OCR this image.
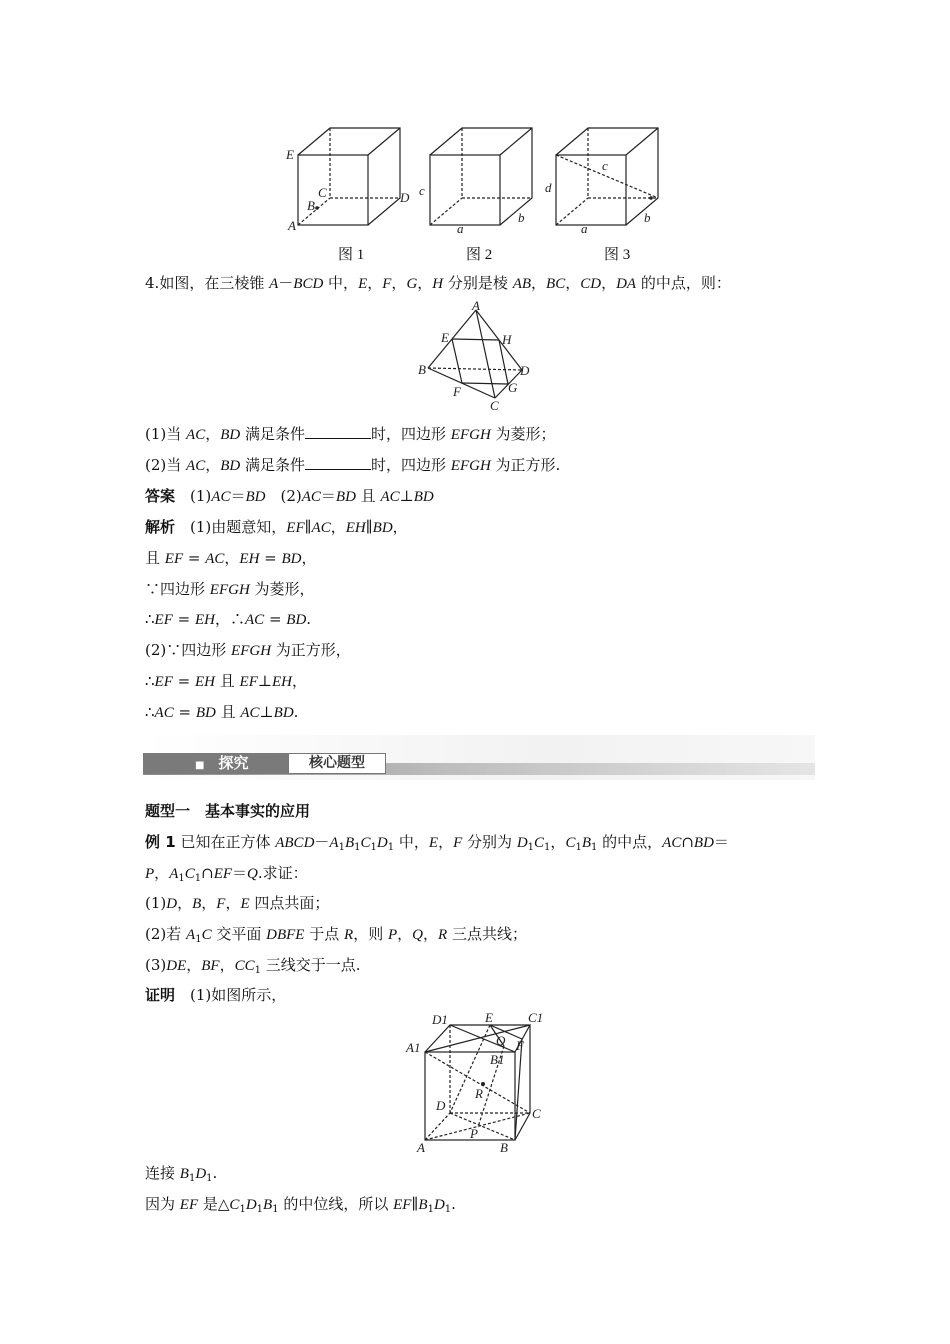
E
C
B
A
D c
a
b
c
d
a
b
图 1	图 2	图 3
4.如图，在三棱锥 A－BCD 中，E，F，G，H 分别是棱 AB，BC，CD，DA 的中点，则：
A
E	H
B	D
F	G
C
(1)当 AC，BD 满足条件	时，四边形 EFGH 为菱形；
(2)当 AC，BD 满足条件	时，四边形 EFGH 为正方形.
答案　 (1)AC＝BD　(2)AC＝BD 且 AC⊥BD
解析　 (1)由题意知，EF∥AC，EH∥BD，
且 EF = AC，EH = BD，
∵四边形 EFGH 为菱形，
∴EF = EH，∴AC = BD.
(2)∵四边形 EFGH 为正方形，
∴EF = EH 且 EF⊥EH，
∴AC = BD 且 AC⊥BD.
■ 探究	核心题型
题型一　基本事实的应用
例 1 已知在正方体 $ABCD-A_1B_1C_1D_1$ 中，E，F 分别为 $D_1C_1$，$C_1B_1$ 的中点，AC∩BD＝
P，$A_1C_1\cap EF=Q$.求证：
(1)D，B，F，E 四点共面；
(2)若 $A_1C$ 交平面 DBFE 于点 R，则 P，Q，R 三点共线；
(3)DE，BF，$CC_1$ 三线交于一点.
证明　 (1)如图所示，
D1	E	C1
A1	Q
B1
F
R
D
C
A
P
B
连接 $B_1D_1$.
因为 EF 是$\triangle C_1D_1B_1$ 的中位线，所以 $EF\parallel B_1D_1$.
